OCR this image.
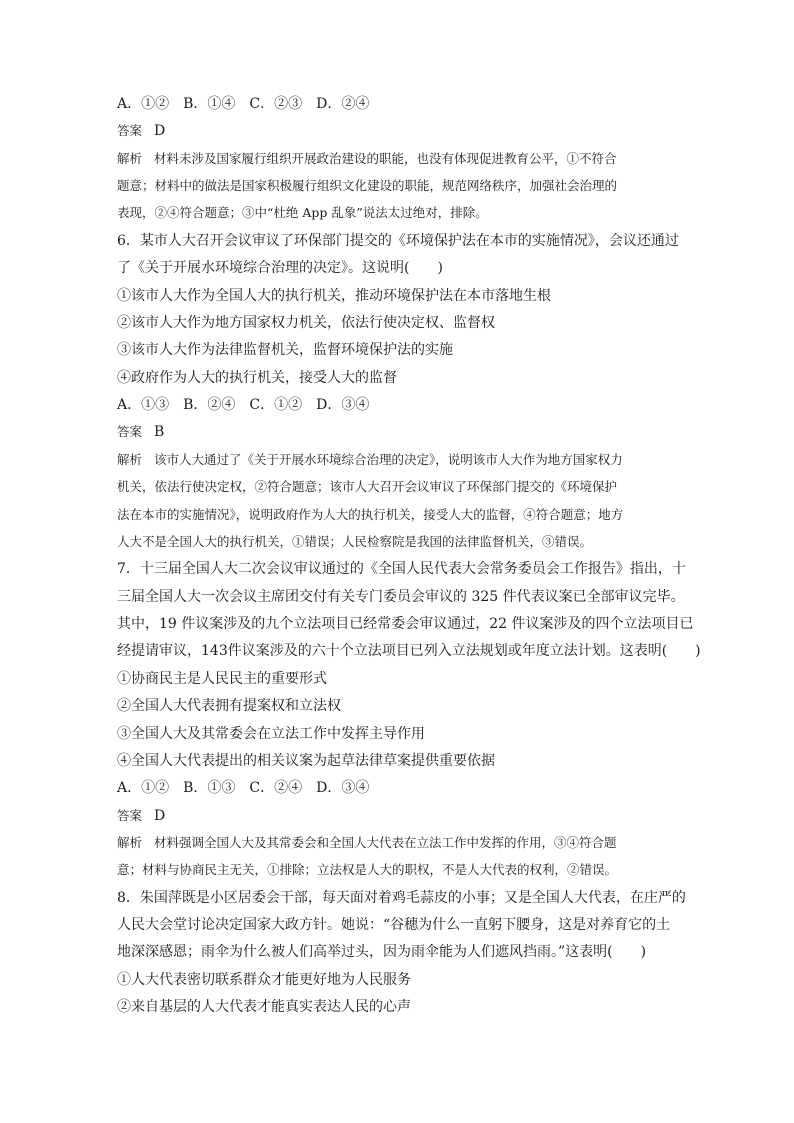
A．①②　B．①④　C．②③　D．②④
答案 D
解析 材料未涉及国家履行组织开展政治建设的职能，也没有体现促进教育公平，①不符合
题意；材料中的做法是国家积极履行组织文化建设的职能，规范网络秩序，加强社会治理的
表现，②④符合题意；③中“杜绝 App 乱象”说法太过绝对，排除。
6．某市人大召开会议审议了环保部门提交的《环境保护法在本市的实施情况》，会议还通过
了《关于开展水环境综合治理的决定》。这说明(　　)
①该市人大作为全国人大的执行机关，推动环境保护法在本市落地生根
②该市人大作为地方国家权力机关，依法行使决定权、监督权
③该市人大作为法律监督机关，监督环境保护法的实施
④政府作为人大的执行机关，接受人大的监督
A．①③　B．②④　C．①②　D．③④
答案 B
解析 该市人大通过了《关于开展水环境综合治理的决定》，说明该市人大作为地方国家权力
机关，依法行使决定权，②符合题意；该市人大召开会议审议了环保部门提交的《环境保护
法在本市的实施情况》，说明政府作为人大的执行机关，接受人大的监督，④符合题意；地方
人大不是全国人大的执行机关，①错误；人民检察院是我国的法律监督机关，③错误。
7．十三届全国人大二次会议审议通过的《全国人民代表大会常务委员会工作报告》指出，十
三届全国人大一次会议主席团交付有关专门委员会审议的 325 件代表议案已全部审议完毕。
其中，19 件议案涉及的九个立法项目已经常委会审议通过，22 件议案涉及的四个立法项目已
经提请审议，143件议案涉及的六十个立法项目已列入立法规划或年度立法计划。这表明(　　)
①协商民主是人民民主的重要形式
②全国人大代表拥有提案权和立法权
③全国人大及其常委会在立法工作中发挥主导作用
④全国人大代表提出的相关议案为起草法律草案提供重要依据
A．①②　B．①③　C．②④　D．③④
答案 D
解析 材料强调全国人大及其常委会和全国人大代表在立法工作中发挥的作用，③④符合题
意；材料与协商民主无关，①排除；立法权是人大的职权，不是人大代表的权利，②错误。
8．朱国萍既是小区居委会干部，每天面对着鸡毛蒜皮的小事；又是全国人大代表，在庄严的
人民大会堂讨论决定国家大政方针。她说：“谷穗为什么一直躬下腰身，这是对养育它的土
地深深感恩；雨伞为什么被人们高举过头，因为雨伞能为人们遮风挡雨。”这表明(　　)
①人大代表密切联系群众才能更好地为人民服务
②来自基层的人大代表才能真实表达人民的心声
